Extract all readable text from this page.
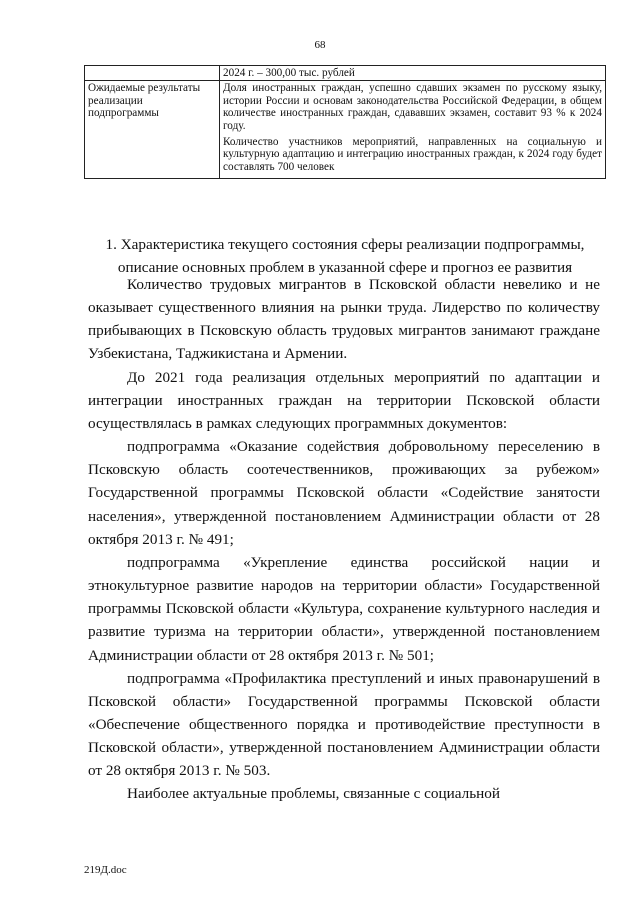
68
	2024 г. – 300,00 тыс. рублей
Ожидаемые результаты реализации подпрограммы	Доля иностранных граждан, успешно сдавших экзамен по русскому языку, истории России и основам законодательства Российской Федерации, в общем количестве иностранных граждан, сдававших экзамен, составит 93 % к 2024 году.

Количество участников мероприятий, направленных на социальную и культурную адаптацию и интеграцию иностранных граждан, к 2024 году будет составлять 700 человек

1. Характеристика текущего состояния сферы реализации подпрограммы, описание основных проблем в указанной сфере и прогноз ее развития

Количество трудовых мигрантов в Псковской области невелико и не оказывает существенного влияния на рынки труда. Лидерство по количеству прибывающих в Псковскую область трудовых мигрантов занимают граждане Узбекистана, Таджикистана и Армении.

До 2021 года реализация отдельных мероприятий по адаптации и интеграции иностранных граждан на территории Псковской области осуществлялась в рамках следующих программных документов:

подпрограмма «Оказание содействия добровольному переселению в Псковскую область соотечественников, проживающих за рубежом» Государственной программы Псковской области «Содействие занятости населения», утвержденной постановлением Администрации области от 28 октября 2013 г. № 491;

подпрограмма «Укрепление единства российской нации и этнокультурное развитие народов на территории области» Государственной программы Псковской области «Культура, сохранение культурного наследия и развитие туризма на территории области», утвержденной постановлением Администрации области от 28 октября 2013 г. № 501;

подпрограмма «Профилактика преступлений и иных правонарушений в Псковской области» Государственной программы Псковской области «Обеспечение общественного порядка и противодействие преступности в Псковской области», утвержденной постановлением Администрации области от 28 октября 2013 г. № 503.

Наиболее актуальные проблемы, связанные с социальной

219Д.doc
